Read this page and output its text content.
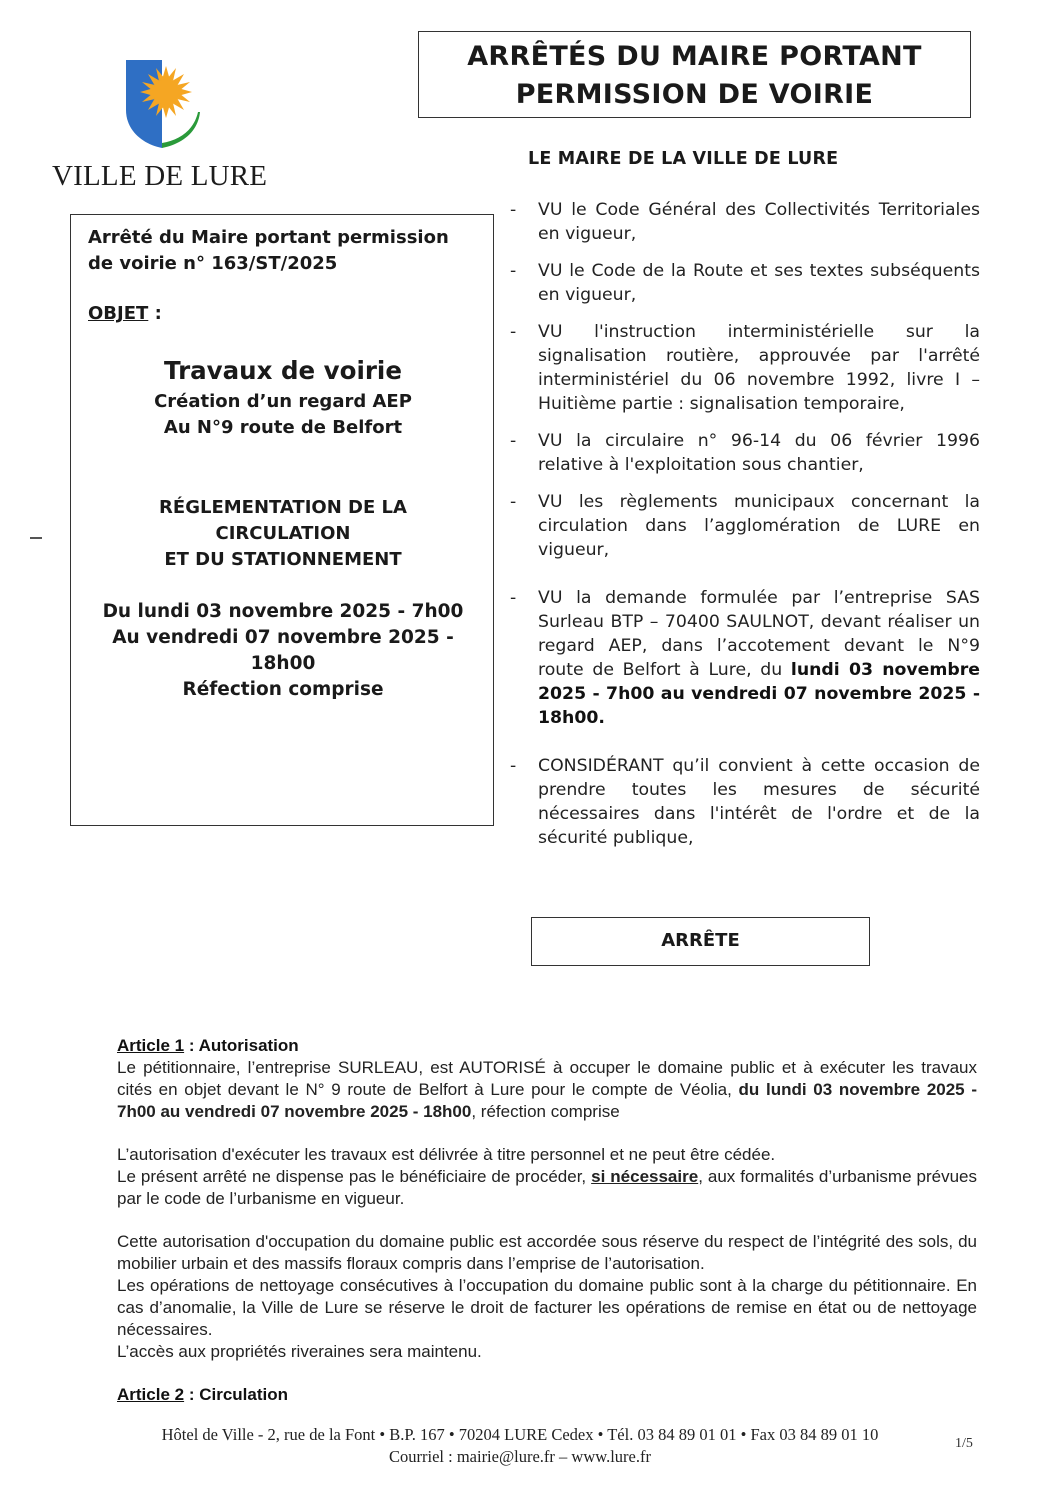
VILLE DE LURE
ARRÊTÉS DU MAIRE PORTANT
PERMISSION DE VOIRIE
LE MAIRE DE LA VILLE DE LURE
Arrêté du Maire portant permission
de voirie n° 163/ST/2025
OBJET :
Travaux de voirie
Création d’un regard AEP
Au N°9 route de Belfort
RÉGLEMENTATION DE LA
CIRCULATION
ET DU STATIONNEMENT
Du lundi 03 novembre 2025 - 7h00
Au vendredi 07 novembre 2025 -
18h00
Réfection comprise
- VU le Code Général des Collectivités Territoriales en vigueur,
- VU le Code de la Route et ses textes subséquents en vigueur,
- VU l'instruction interministérielle sur la signalisation routière, approuvée par l'arrêté interministériel du 06 novembre 1992, livre I – Huitième partie : signalisation temporaire,
- VU la circulaire n° 96-14 du 06 février 1996 relative à l'exploitation sous chantier,
- VU les règlements municipaux concernant la circulation dans l’agglomération de LURE en vigueur,
- VU la demande formulée par l’entreprise SAS Surleau BTP – 70400 SAULNOT, devant réaliser un regard AEP, dans l’accotement devant le N°9 route de Belfort à Lure, du lundi 03 novembre 2025 - 7h00 au vendredi 07 novembre 2025 - 18h00.
- CONSIDÉRANT qu’il convient à cette occasion de prendre toutes les mesures de sécurité nécessaires dans l'intérêt de l'ordre et de la sécurité publique,
ARRÊTE

Article 1 : Autorisation

Le pétitionnaire, l’entreprise SURLEAU, est AUTORISÉ à occuper le domaine public et à exécuter les travaux cités en objet devant le N° 9 route de Belfort à Lure pour le compte de Véolia, du lundi 03 novembre 2025 - 7h00 au vendredi 07 novembre 2025 - 18h00, réfection comprise

L’autorisation d'exécuter les travaux est délivrée à titre personnel et ne peut être cédée.

Le présent arrêté ne dispense pas le bénéficiaire de procéder, si nécessaire, aux formalités d’urbanisme prévues par le code de l’urbanisme en vigueur.

Cette autorisation d'occupation du domaine public est accordée sous réserve du respect de l’intégrité des sols, du mobilier urbain et des massifs floraux compris dans l’emprise de l’autorisation.

Les opérations de nettoyage consécutives à l’occupation du domaine public sont à la charge du pétitionnaire. En cas d’anomalie, la Ville de Lure se réserve le droit de facturer les opérations de remise en état ou de nettoyage nécessaires.

L’accès aux propriétés riveraines sera maintenu.

Article 2 : Circulation

Hôtel de Ville - 2, rue de la Font • B.P. 167 • 70204 LURE Cedex • Tél. 03 84 89 01 01 • Fax 03 84 89 01 10
Courriel : mairie@lure.fr – www.lure.fr
1/5
